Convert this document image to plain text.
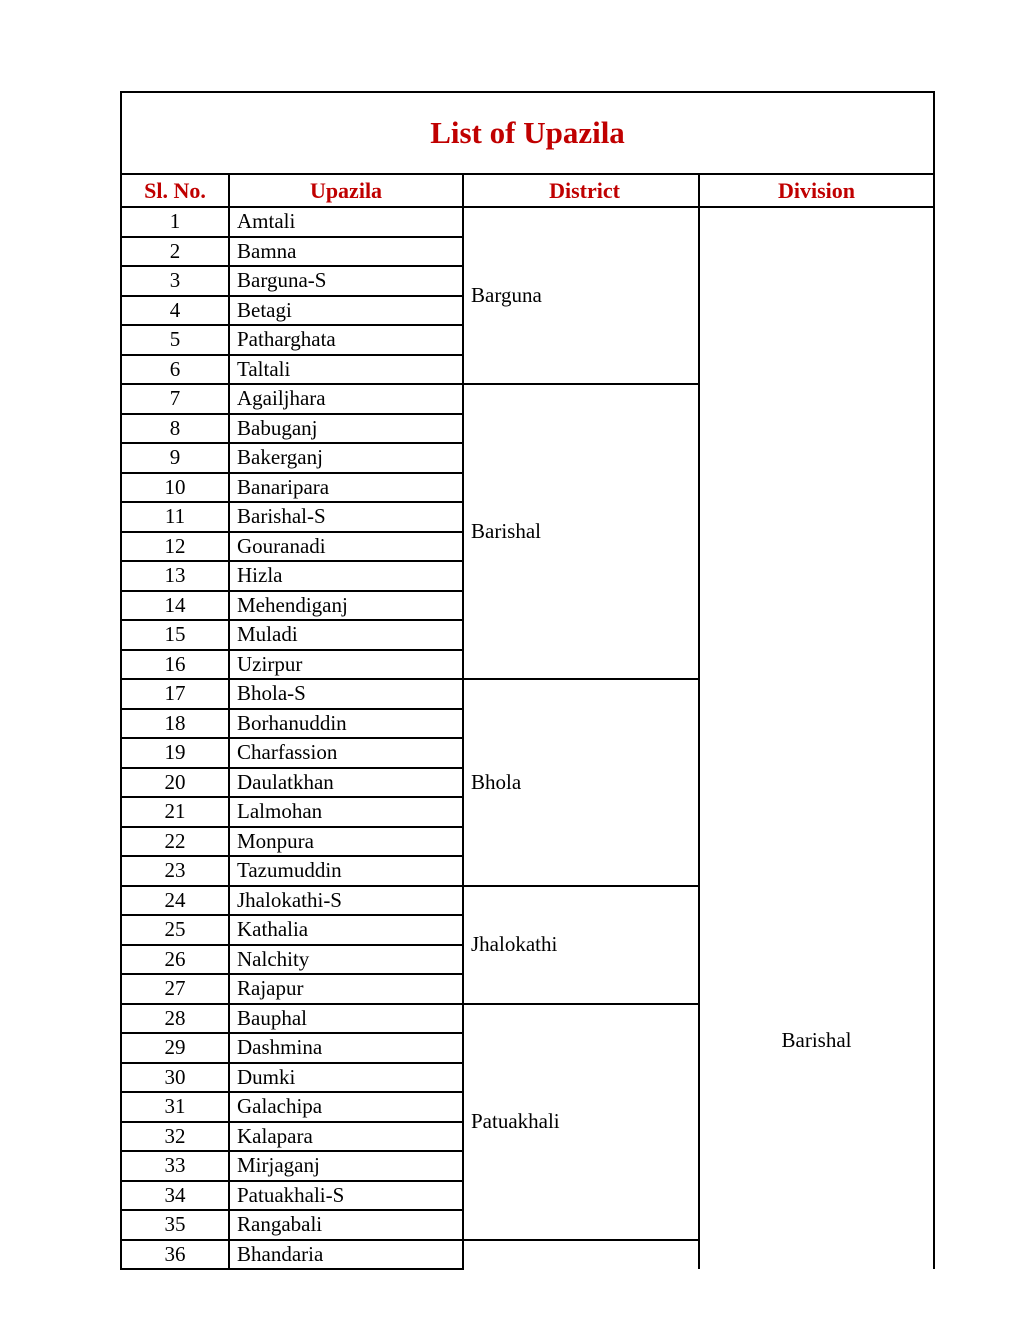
List of Upazila			
Sl. No.	Upazila	District	Division
1	Amtali	Barguna	Barishal
2	Bamna		
3	Barguna-S		
4	Betagi		
5	Patharghata		
6	Taltali		
7	Agailjhara	Barishal	
8	Babuganj		
9	Bakerganj		
10	Banaripara		
11	Barishal-S		
12	Gouranadi		
13	Hizla		
14	Mehendiganj		
15	Muladi		
16	Uzirpur		
17	Bhola-S	Bhola	
18	Borhanuddin		
19	Charfassion		
20	Daulatkhan		
21	Lalmohan		
22	Monpura		
23	Tazumuddin		
24	Jhalokathi-S	Jhalokathi	
25	Kathalia		
26	Nalchity		
27	Rajapur		
28	Bauphal	Patuakhali	
29	Dashmina		
30	Dumki		
31	Galachipa		
32	Kalapara		
33	Mirjaganj		
34	Patuakhali-S		
35	Rangabali		
36	Bhandaria		
